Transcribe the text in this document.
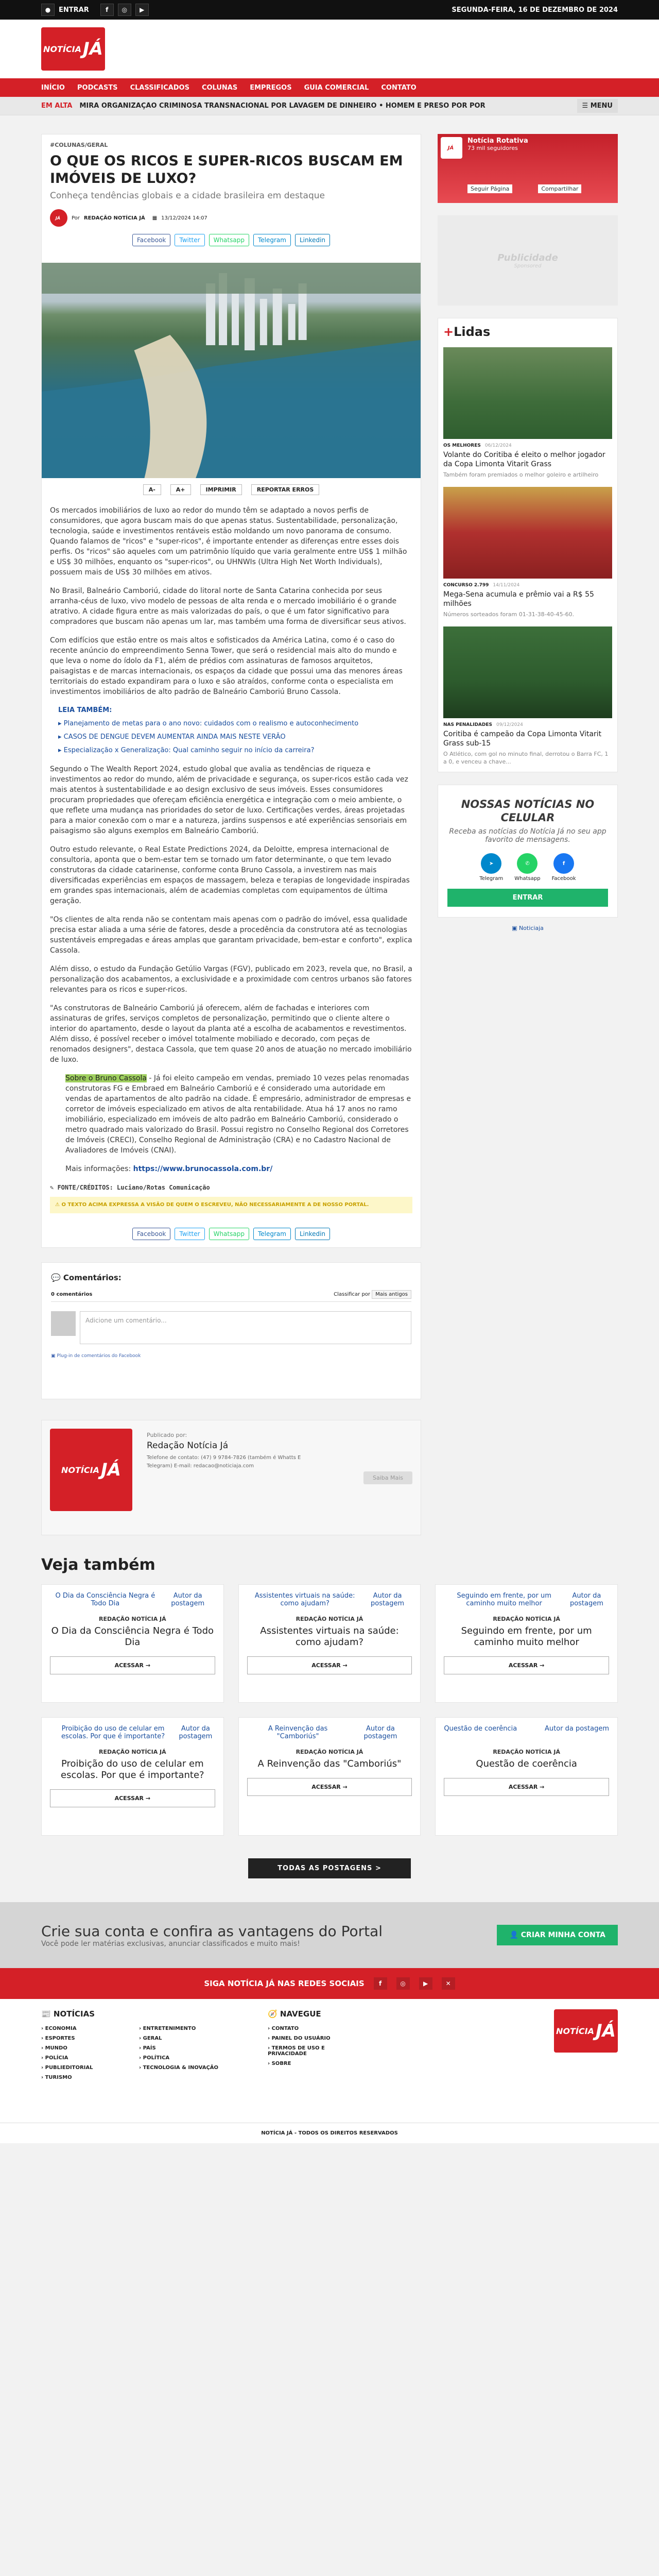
●	ENTRAR	f	◎	▶	SEGUNDA-FEIRA, 16 DE DEZEMBRO DE 2024
NOTÍCIA JÁ
INÍCIO PODCASTS CLASSIFICADOS COLUNAS EMPREGOS GUIA COMERCIAL CONTATO
EM ALTA MIRA ORGANIZAÇÃO CRIMINOSA TRANSNACIONAL POR LAVAGEM DE DINHEIRO • HOMEM É PRESO POR POR	☰ MENU
#COLUNAS/GERAL
O QUE OS RICOS E SUPER-RICOS BUSCAM EM IMÓVEIS DE LUXO?
Conheça tendências globais e a cidade brasileira em destaque
JÁ Por REDAÇÃO NOTÍCIA JÁ ▦ 13/12/2024 14:07
Facebook	Twitter	Whatsapp	Telegram	Linkedin
A-	A+	IMPRIMIR	REPORTAR ERROS

Os mercados imobiliários de luxo ao redor do mundo têm se adaptado a novos perfis de consumidores, que agora buscam mais do que apenas status. Sustentabilidade, personalização, tecnologia, saúde e investimentos rentáveis estão moldando um novo panorama de consumo. Quando falamos de "ricos" e "super-ricos", é importante entender as diferenças entre esses dois perfis. Os "ricos" são aqueles com um patrimônio líquido que varia geralmente entre US$ 1 milhão e US$ 30 milhões, enquanto os "super-ricos", ou UHNWIs (Ultra High Net Worth Individuals), possuem mais de US$ 30 milhões em ativos.

No Brasil, Balneário Camboriú, cidade do litoral norte de Santa Catarina conhecida por seus arranha-céus de luxo, vivo modelo de pessoas de alta renda e o mercado imobiliário é o grande atrativo. A cidade figura entre as mais valorizadas do país, o que é um fator significativo para compradores que buscam não apenas um lar, mas também uma forma de diversificar seus ativos.

Com edifícios que estão entre os mais altos e sofisticados da América Latina, como é o caso do recente anúncio do empreendimento Senna Tower, que será o residencial mais alto do mundo e que leva o nome do ídolo da F1, além de prédios com assinaturas de famosos arquitetos, paisagistas e de marcas internacionais, os espaços da cidade que possui uma das menores áreas territoriais do estado expandiram para o luxo e são atraídos, conforme conta o especialista em investimentos imobiliários de alto padrão de Balneário Camboriú Bruno Cassola.

LEIA TAMBÉM:
▸ Planejamento de metas para o ano novo: cuidados com o realismo e autoconhecimento
▸ CASOS DE DENGUE DEVEM AUMENTAR AINDA MAIS NESTE VERÃO
▸ Especialização x Generalização: Qual caminho seguir no início da carreira?

Segundo o The Wealth Report 2024, estudo global que avalia as tendências de riqueza e investimentos ao redor do mundo, além de privacidade e segurança, os super-ricos estão cada vez mais atentos à sustentabilidade e ao design exclusivo de seus imóveis. Esses consumidores procuram propriedades que ofereçam eficiência energética e integração com o meio ambiente, o que reflete uma mudança nas prioridades do setor de luxo. Certificações verdes, áreas projetadas para a maior conexão com o mar e a natureza, jardins suspensos e até experiências sensoriais em paisagismo são alguns exemplos em Balneário Camboriú.

Outro estudo relevante, o Real Estate Predictions 2024, da Deloitte, empresa internacional de consultoria, aponta que o bem-estar tem se tornado um fator determinante, o que tem levado construtoras da cidade catarinense, conforme conta Bruno Cassola, a investirem nas mais diversificadas experiências em espaços de massagem, beleza e terapias de longevidade inspiradas em grandes spas internacionais, além de academias completas com equipamentos de última geração.

"Os clientes de alta renda não se contentam mais apenas com o padrão do imóvel, essa qualidade precisa estar aliada a uma série de fatores, desde a procedência da construtora até as tecnologias sustentáveis empregadas e áreas amplas que garantam privacidade, bem-estar e conforto", explica Cassola.

Além disso, o estudo da Fundação Getúlio Vargas (FGV), publicado em 2023, revela que, no Brasil, a personalização dos acabamentos, a exclusividade e a proximidade com centros urbanos são fatores relevantes para os ricos e super-ricos.

"As construtoras de Balneário Camboriú já oferecem, além de fachadas e interiores com assinaturas de grifes, serviços completos de personalização, permitindo que o cliente altere o interior do apartamento, desde o layout da planta até a escolha de acabamentos e revestimentos. Além disso, é possível receber o imóvel totalmente mobiliado e decorado, com peças de renomados designers", destaca Cassola, que tem quase 20 anos de atuação no mercado imobiliário de luxo.

Sobre o Bruno Cassola - Já foi eleito campeão em vendas, premiado 10 vezes pelas renomadas construtoras FG e Embraed em Balneário Camboriú e é considerado uma autoridade em vendas de apartamentos de alto padrão na cidade. É empresário, administrador de empresas e corretor de imóveis especializado em ativos de alta rentabilidade. Atua há 17 anos no ramo imobiliário, especializado em imóveis de alto padrão em Balneário Camboriú, considerado o metro quadrado mais valorizado do Brasil. Possui registro no Conselho Regional dos Corretores de Imóveis (CRECI), Conselho Regional de Administração (CRA) e no Cadastro Nacional de Avaliadores de Imóveis (CNAI).

Mais informações: https://www.brunocassola.com.br/

✎ FONTE/CRÉDITOS: Luciano/Rotas Comunicação
⚠ O TEXTO ACIMA EXPRESSA A VISÃO DE QUEM O ESCREVEU, NÃO NECESSARIAMENTE A DE NOSSO PORTAL.
Facebook	Twitter	Whatsapp	Telegram	Linkedin
💬 Comentários:
0 comentários	Classificar por Mais antigos
Adicione um comentário...
▣ Plug-in de comentários do Facebook
NOTÍCIA JÁ
Publicado por:
Redação Notícia Já
Telefone de contato: (47) 9 9784-7826 (também é Whatts E Telegram) E-mail: redacao@noticiaja.com
Saiba Mais
JÁ
Notícia Rotativa
73 mil seguidores
Seguir Página	Compartilhar
Publicidade
Sponsored
+Lidas
OS MELHORES 06/12/2024
Volante do Coritiba é eleito o melhor jogador da Copa Limonta Vitarit Grass
Também foram premiados o melhor goleiro e artilheiro
CONCURSO 2.799 14/11/2024
Mega-Sena acumula e prêmio vai a R$ 55 milhões
Números sorteados foram 01-31-38-40-45-60.
NAS PENALIDADES 09/12/2024
Coritiba é campeão da Copa Limonta Vitarit Grass sub-15
O Atlético, com gol no minuto final, derrotou o Barra FC, 1 a 0, e venceu a chave...
NOSSAS NOTÍCIAS NO CELULAR

Receba as notícias do Notícia Já no seu app favorito de mensagens.

➤
Telegram
✆
Whatsapp
f
Facebook
ENTRAR
▣ Noticiaja
Veja também
O Dia da Consciência Negra é Todo Dia
Autor da postagem
REDAÇÃO NOTÍCIA JÁ
O Dia da Consciência Negra é Todo Dia
ACESSAR →
Assistentes virtuais na saúde: como ajudam?
Autor da postagem
REDAÇÃO NOTÍCIA JÁ
Assistentes virtuais na saúde: como ajudam?
ACESSAR →
Seguindo em frente, por um caminho muito melhor
Autor da postagem
REDAÇÃO NOTÍCIA JÁ
Seguindo em frente, por um caminho muito melhor
ACESSAR →
Proibição do uso de celular em escolas. Por que é importante?
Autor da postagem
REDAÇÃO NOTÍCIA JÁ
Proibição do uso de celular em escolas. Por que é importante?
ACESSAR →
A Reinvenção das "Camboriús"
Autor da postagem
REDAÇÃO NOTÍCIA JÁ
A Reinvenção das "Camboriús"
ACESSAR →
Questão de coerência	Autor da postagem
REDAÇÃO NOTÍCIA JÁ
Questão de coerência
ACESSAR →
TODAS AS POSTAGENS >
Crie sua conta e confira as vantagens do Portal

Você pode ler matérias exclusivas, anunciar classificados e muito mais!

👤 CRIAR MINHA CONTA
SIGA NOTÍCIA JÁ NAS REDES SOCIAIS	f	◎	▶	✕
📰 NOTÍCIAS
› ECONOMIA	› ENTRETENIMENTO
› ESPORTES	› GERAL
› MUNDO	› PAÍS
› POLÍCIA	› POLÍTICA
› PUBLIEDITORIAL	› TECNOLOGIA & INOVAÇÃO
› TURISMO
🧭 NAVEGUE
› CONTATO
› PAINEL DO USUÁRIO
› TERMOS DE USO E PRIVACIDADE
› SOBRE
NOTÍCIA JÁ
NOTÍCIA JÁ - TODOS OS DIREITOS RESERVADOS
